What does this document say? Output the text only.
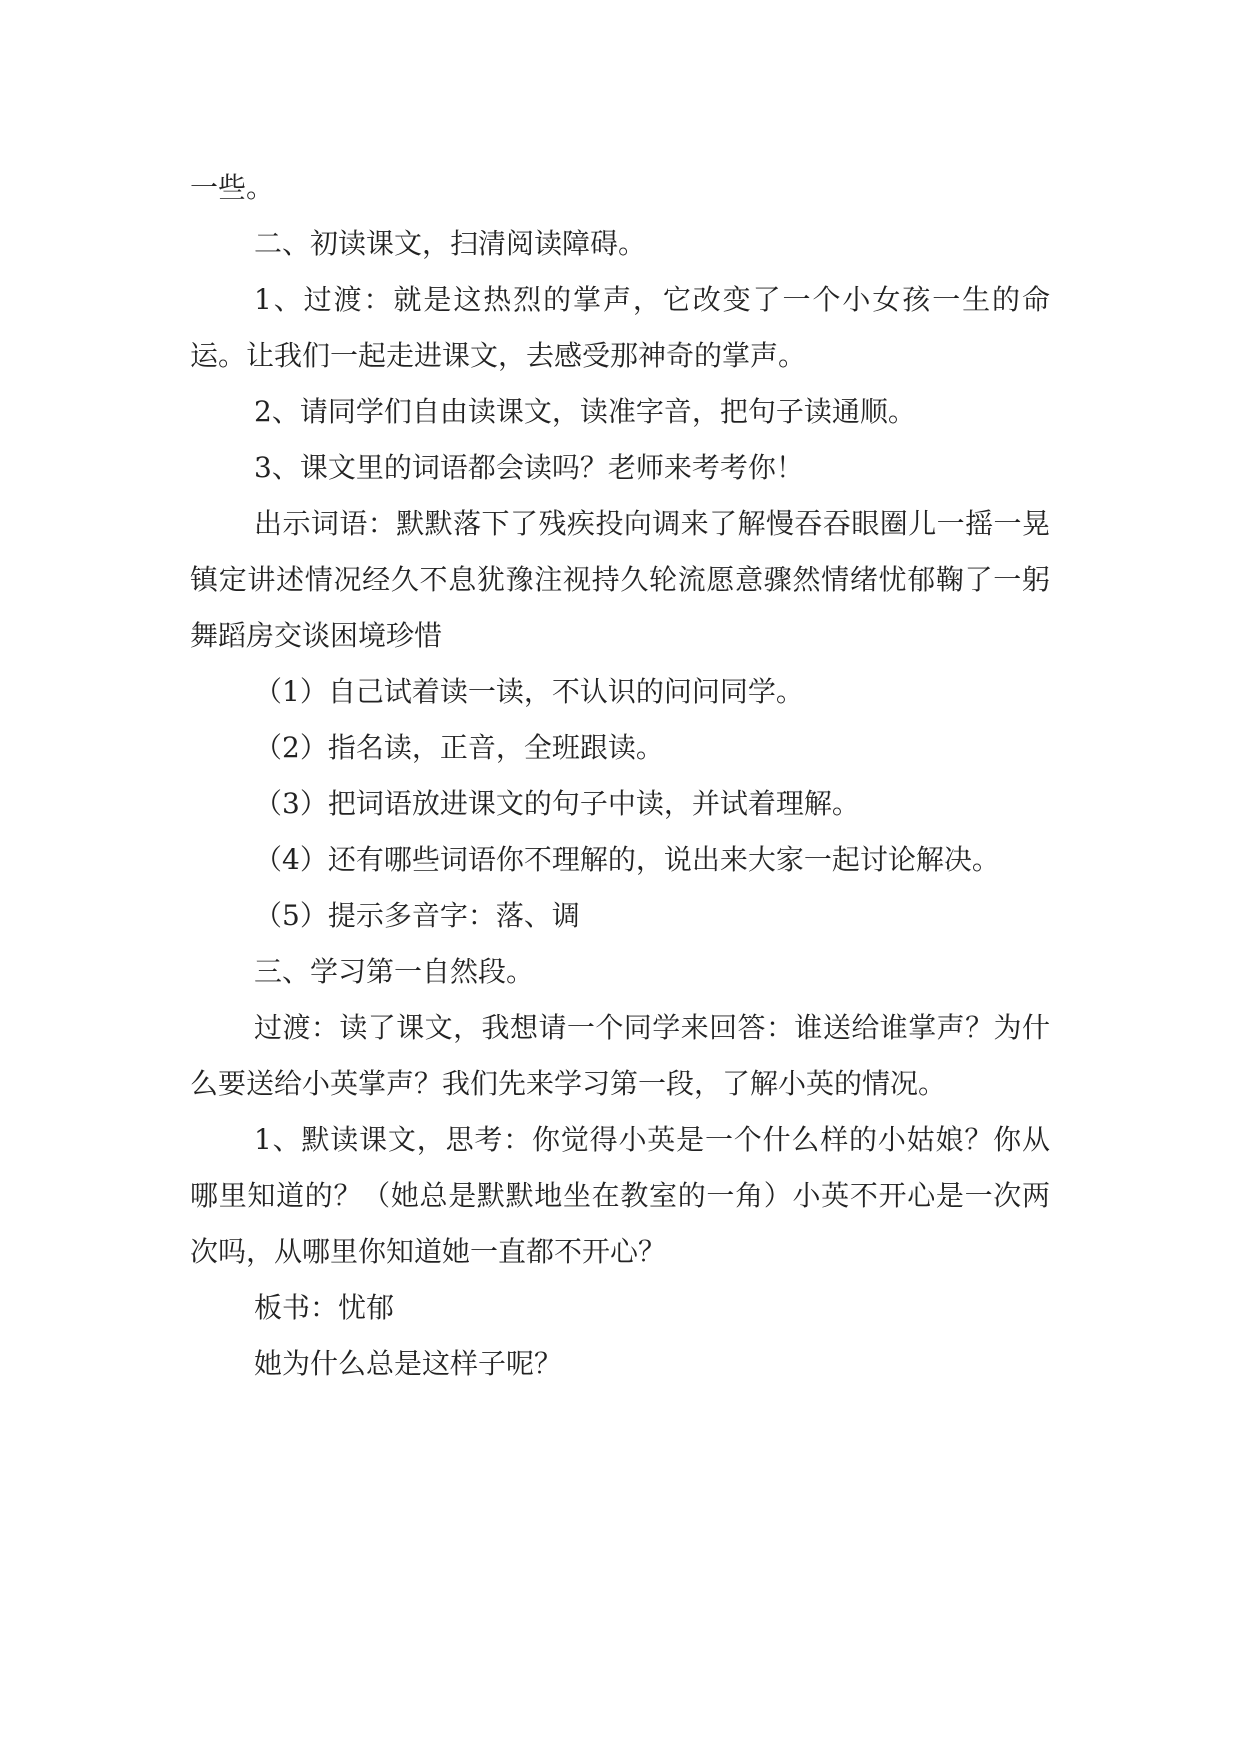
一些。

二、初读课文，扫清阅读障碍。

1、过渡：就是这热烈的掌声，它改变了一个小女孩一生的命运。让我们一起走进课文，去感受那神奇的掌声。

2、请同学们自由读课文，读准字音，把句子读通顺。

3、课文里的词语都会读吗？老师来考考你！

出示词语：默默落下了残疾投向调来了解慢吞吞眼圈儿一摇一晃镇定讲述情况经久不息犹豫注视持久轮流愿意骤然情绪忧郁鞠了一躬舞蹈房交谈困境珍惜

（1）自己试着读一读，不认识的问问同学。

（2）指名读，正音，全班跟读。

（3）把词语放进课文的句子中读，并试着理解。

（4）还有哪些词语你不理解的，说出来大家一起讨论解决。

（5）提示多音字：落、调

三、学习第一自然段。

过渡：读了课文，我想请一个同学来回答：谁送给谁掌声？为什么要送给小英掌声？我们先来学习第一段，了解小英的情况。

1、默读课文，思考：你觉得小英是一个什么样的小姑娘？你从哪里知道的？（她总是默默地坐在教室的一角）小英不开心是一次两次吗，从哪里你知道她一直都不开心？

板书：忧郁

她为什么总是这样子呢？
